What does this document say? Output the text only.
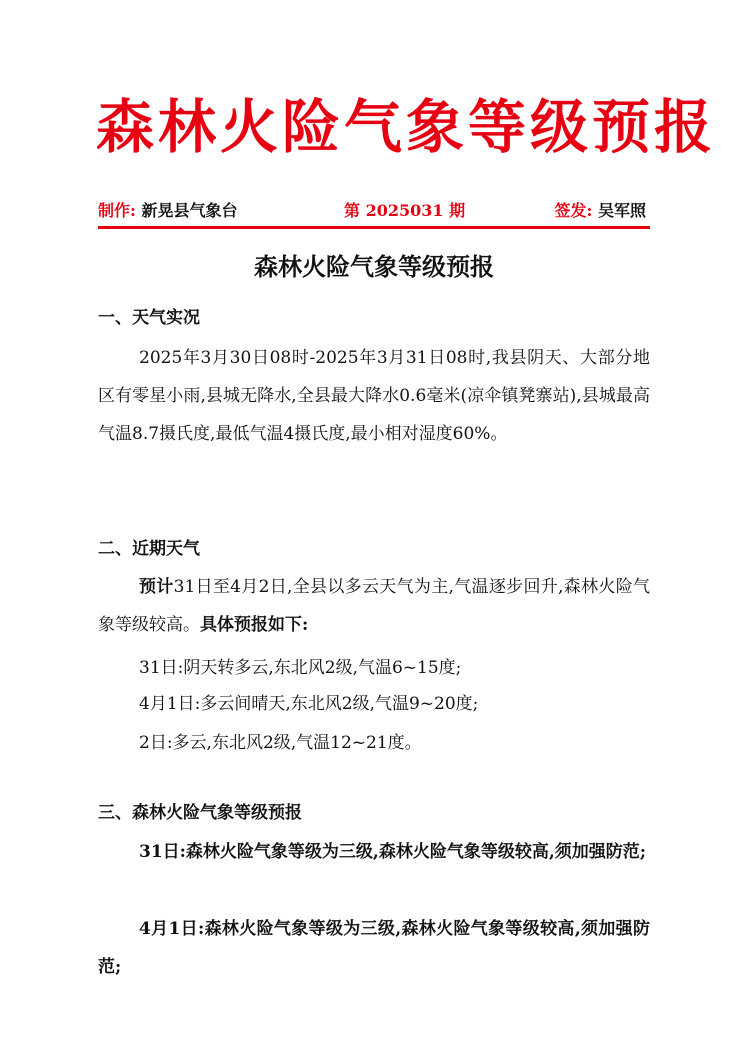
森林火险气象等级预报
制作: 新晃县气象台	第 2025031 期	签发: 吴军照
森林火险气象等级预报
一、天气实况
2025年3月30日08时-2025年3月31日08时,我县阴天、大部分地区有零星小雨,县城无降水,全县最大降水0.6毫米(凉伞镇凳寨站),县城最高气温8.7摄氏度,最低气温4摄氏度,最小相对湿度60%。
二、近期天气
预计31日至4月2日,全县以多云天气为主,气温逐步回升,森林火险气象等级较高。具体预报如下:
31日:阴天转多云,东北风2级,气温6~15度;
4月1日:多云间晴天,东北风2级,气温9~20度;
2日:多云,东北风2级,气温12~21度。
三、森林火险气象等级预报
31日:森林火险气象等级为三级,森林火险气象等级较高,须加强防范;
4月1日:森林火险气象等级为三级,森林火险气象等级较高,须加强防范;
